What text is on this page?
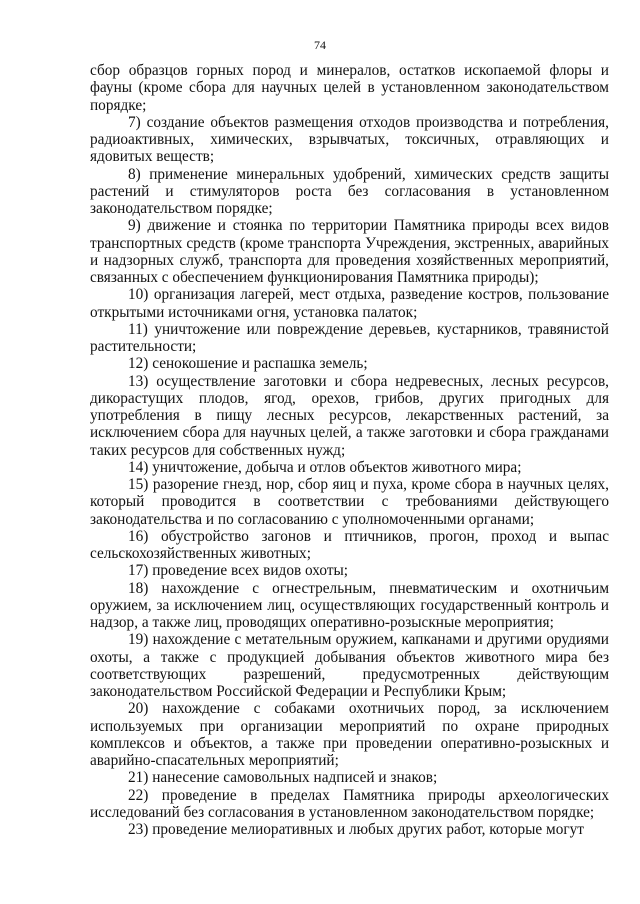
74

сбор образцов горных пород и минералов, остатков ископаемой флоры и фауны (кроме сбора для научных целей в установленном законодательством порядке;

7) создание объектов размещения отходов производства и потребления, радиоактивных, химических, взрывчатых, токсичных, отравляющих и ядовитых веществ;

8) применение минеральных удобрений, химических средств защиты растений и стимуляторов роста без согласования в установленном законодательством порядке;

9) движение и стоянка по территории Памятника природы всех видов транспортных средств (кроме транспорта Учреждения, экстренных, аварийных и надзорных служб, транспорта для проведения хозяйственных мероприятий, связанных с обеспечением функционирования Памятника природы);

10) организация лагерей, мест отдыха, разведение костров, пользование открытыми источниками огня, установка палаток;

11) уничтожение или повреждение деревьев, кустарников, травянистой растительности;

12) сенокошение и распашка земель;

13) осуществление заготовки и сбора недревесных, лесных ресурсов, дикорастущих плодов, ягод, орехов, грибов, других пригодных для употребления в пищу лесных ресурсов, лекарственных растений, за исключением сбора для научных целей, а также заготовки и сбора гражданами таких ресурсов для собственных нужд;

14) уничтожение, добыча и отлов объектов животного мира;

15) разорение гнезд, нор, сбор яиц и пуха, кроме сбора в научных целях, который проводится в соответствии с требованиями действующего законодательства и по согласованию с уполномоченными органами;

16) обустройство загонов и птичников, прогон, проход и выпас сельскохозяйственных животных;

17) проведение всех видов охоты;

18) нахождение с огнестрельным, пневматическим и охотничьим оружием, за исключением лиц, осуществляющих государственный контроль и надзор, а также лиц, проводящих оперативно-розыскные мероприятия;

19) нахождение с метательным оружием, капканами и другими орудиями охоты, а также с продукцией добывания объектов животного мира без соответствующих разрешений, предусмотренных действующим законодательством Российской Федерации и Республики Крым;

20) нахождение с собаками охотничьих пород, за исключением используемых при организации мероприятий по охране природных комплексов и объектов, а также при проведении оперативно-розыскных и аварийно-спасательных мероприятий;

21) нанесение самовольных надписей и знаков;

22) проведение в пределах Памятника природы археологических исследований без согласования в установленном законодательством порядке;

23) проведение мелиоративных и любых других работ, которые могут
